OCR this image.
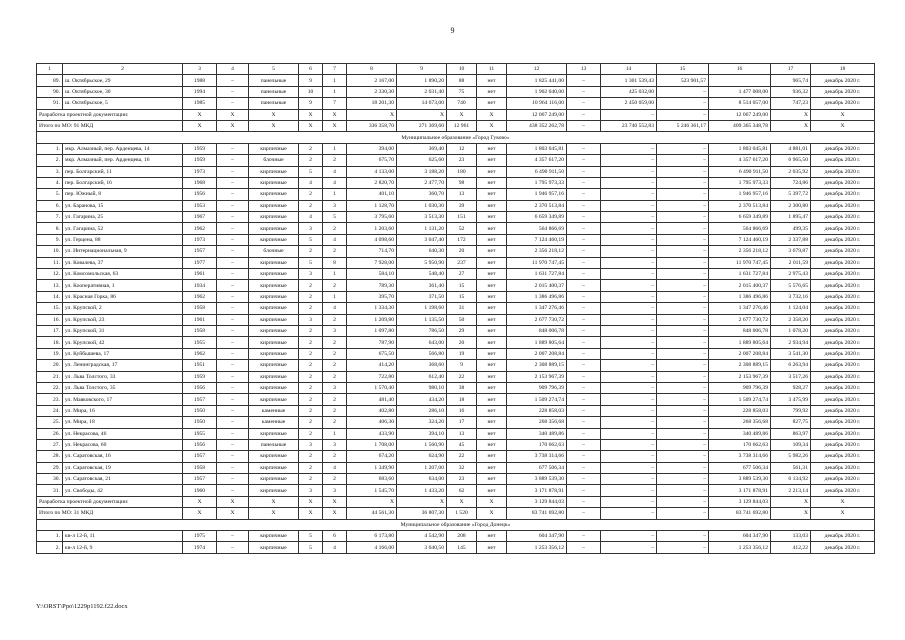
9
1	2	3	4	5	6	7	8	9	10	11	12	13	14	15	16	17	18
89.	ш. Октябрьское, 29	1988	–	панельные	9	1	2 167,00	1 890,20	88	нет	1 825 441,00	–	1 301 539,43	523 901,57		965,74	декабрь 2020 г.
90.	ш. Октябрьское, 30	1994	–	панельные	10	1	2 330,30	2 031,40	75	нет	1 902 040,00	–	425 032,00	–	1 477 008,00	936,32	декабрь 2020 г.
91.	ш. Октябрьское, 5	1985	–	панельные	9	7	18 201,30	14 673,00	740	нет	10 964 116,00	–	2 450 059,00	–	8 514 057,00	747,23	декабрь 2020 г.
Разработка проектной документации:		X	X	X	X	X	X	X	X	X	12 067 249,00	–	–	–	12 067 249,00	X	X
Итого по МО: 91 МКД		X	X	X	X	X	336 358,70	271 369,60	12 961	X	438 352 262,78	–	23 740 552,83	5 246 361,17	409 365 348,78	X	X
Муниципальное образование «Город Гуково»																	
1.	мкр. Алмазный, пер. Арденцева, 14	1959	–	кирпичные	2	1	394,00	369,40	12	нет	1 803 045,81	–	–	–	1 803 045,81	4 881,01	декабрь 2020 г.
2.	мкр. Алмазный, пер. Арденцева, 16	1959	–	блочные	2	2	675,70	625,60	23	нет	4 357 617,20	–	–	–	4 357 617,20	6 965,50	декабрь 2020 г.
3.	пер. Болгарский, 11	1973	–	кирпичные	5	4	4 133,00	3 188,20	180	нет	6 490 911,50	–	–	–	6 490 911,50	2 035,92	декабрь 2020 г.
4.	пер. Болгарский, 16	1968	–	кирпичные	4	4	2 820,70	2 477,70	98	нет	1 795 973,33	–	–	–	1 795 973,33	724,86	декабрь 2020 г.
5.	пер. Южный, 8	1956	–	кирпичные	2	1	401,10	360,70	13	нет	1 946 957,16	–	–	–	1 946 957,16	5 397,72	декабрь 2020 г.
6.	ул. Баранова, 15	1953	–	кирпичные	2	3	1 128,70	1 030,30	39	нет	2 370 513,84	–	–	–	2 370 513,84	2 300,80	декабрь 2020 г.
7.	ул. Гагарина, 25	1967	–	кирпичные	4	5	3 795,60	3 513,30	151	нет	6 659 349,89	–	–	–	6 659 349,89	1 895,47	декабрь 2020 г.
8.	ул. Гагарина, 52	1962	–	кирпичные	3	2	1 203,60	1 131,20	52	нет	564 866,69	–	–	–	564 866,69	499,35	декабрь 2020 г.
9.	ул. Герцена, 88	1973	–	кирпичные	5	4	4 098,60	3 047,40	172	нет	7 124 460,19	–	–	–	7 124 460,19	2 337,88	декабрь 2020 г.
10.	ул. Интернациональная, 9	1957	–	блочные	2	2	714,70	640,30	20	нет	2 356 218,12	–	–	–	2 356 218,12	3 679,87	декабрь 2020 г.
11.	ул. Ковалева, 37	1977	–	кирпичные	5	8	7 928,00	5 950,90	237	нет	11 970 747,45	–	–	–	11 970 747,45	2 011,59	декабрь 2020 г.
12.	ул. Комсомольская, 63	1961	–	кирпичные	3	1	584,10	548,40	27	нет	1 631 727,84	–	–	–	1 631 727,84	2 975,43	декабрь 2020 г.
13.	ул. Кооперативная, 1	1934	–	кирпичные	2	2	789,30	361,40	15	нет	2 015 400,37	–	–	–	2 015 400,37	5 576,65	декабрь 2020 г.
14.	ул. Красная Горка, 86	1962	–	кирпичные	2	1	395,70	371,50	15	нет	1 386 496,86	–	–	–	1 386 496,86	3 732,16	декабрь 2020 г.
15.	ул. Крупской, 2	1958	–	кирпичные	2	4	1 334,30	1 198,60	31	нет	1 347 276,46	–	–	–	1 347 276,46	1 124,04	декабрь 2020 г.
16.	ул. Крупской, 23	1961	–	кирпичные	3	2	1 209,80	1 135,50	50	нет	2 677 730,72	–	–	–	2 677 730,72	2 358,20	декабрь 2020 г.
17.	ул. Крупской, 31	1958	–	кирпичные	2	3	1 097,80	786,50	29	нет	848 006,78	–	–	–	848 006,78	1 078,20	декабрь 2020 г.
18.	ул. Крупской, 42	1955	–	кирпичные	2	2	787,90	643,00	20	нет	1 889 805,64	–	–	–	1 889 805,64	2 934,94	декабрь 2020 г.
19.	ул. Куйбышева, 17	1962	–	кирпичные	2	2	675,50	566,80	19	нет	2 007 208,84	–	–	–	2 007 208,84	3 541,30	декабрь 2020 г.
20.	ул. Ленинградская, 17	1951	–	кирпичные	2	2	414,20	368,60	9	нет	2 308 889,15	–	–	–	2 308 889,15	6 263,94	декабрь 2020 г.
21.	ул. Льва Толстого, 33	1959	–	кирпичные	2	2	722,80	612,40	22	нет	2 153 967,39	–	–	–	2 153 967,39	3 517,26	декабрь 2020 г.
22.	ул. Льва Толстого, 35	1956	–	кирпичные	2	3	1 570,40	980,10	38	нет	909 796,39	–	–	–	909 796,39	928,27	декабрь 2020 г.
23.	ул. Маяковского, 17	1957	–	кирпичные	2	2	481,40	434,20	18	нет	1 509 274,74	–	–	–	1 509 274,74	3 475,99	декабрь 2020 г.
24.	ул. Мира, 16	1950	–	каменные	2	2	402,80	286,10	16	нет	228 858,03	–	–	–	228 858,03	799,92	декабрь 2020 г.
25.	ул. Мира, 18	1950	–	каменные	2	2	406,30	324,20	17	нет	268 356,68	–	–	–	268 356,68	827,75	декабрь 2020 г.
26.	ул. Некрасова, 46	1955	–	кирпичные	2	1	433,90	394,10	13	нет	340 489,86	–	–	–	340 489,86	863,97	декабрь 2020 г.
27.	ул. Некрасова, 60	1956	–	панельные	3	3	1 708,00	1 560,90	45	нет	170 662,63	–	–	–	170 662,63	109,34	декабрь 2020 г.
28.	ул. Саратовская, 16	1957	–	кирпичные	2	2	674,20	624,90	22	нет	3 738 314,66	–	–	–	3 738 314,66	5 982,26	декабрь 2020 г.
29.	ул. Саратовская, 19	1958	–	кирпичные	2	4	1 349,90	1 207,00	32	нет	677 506,34	–	–	–	677 506,34	561,31	декабрь 2020 г.
30.	ул. Саратовская, 21	1957	–	кирпичные	2	2	683,60	634,00	23	нет	3 889 539,30	–	–	–	3 889 539,30	6 134,92	декабрь 2020 г.
31.	ул. Свободы, 42	1960	–	кирпичные	3	3	1 545,70	1 433,20	62	нет	3 171 878,91	–	–	–	3 171 878,91	2 213,14	декабрь 2020 г.
Разработка проектной документации:		X	X	X	X	X	X	X	X	X	3 129 844,03	–	–	–	3 129 844,03	X	X
Итого по МО: 31 МКД		X	X	X	X	X	44 561,30	36 807,30	1 520	X	83 741 692,80	–	–	–	83 741 692,80	X	X
Муниципальное образование «Город Донецк»																	
1.	кв-л 12-й, 11	1975	–	кирпичные	5	6	6 173,80	4 542,90	208	нет	604 347,90	–	–	–	604 347,90	133,03	декабрь 2020 г.
2.	кв-л 12-й, 9	1974	–	кирпичные	5	4	4 166,00	3 040,50	145	нет	1 253 356,12	–	–	–	1 253 356,12	412,22	декабрь 2020 г.
Y:\ORST\Ppo\1229p1192.f22.docx
